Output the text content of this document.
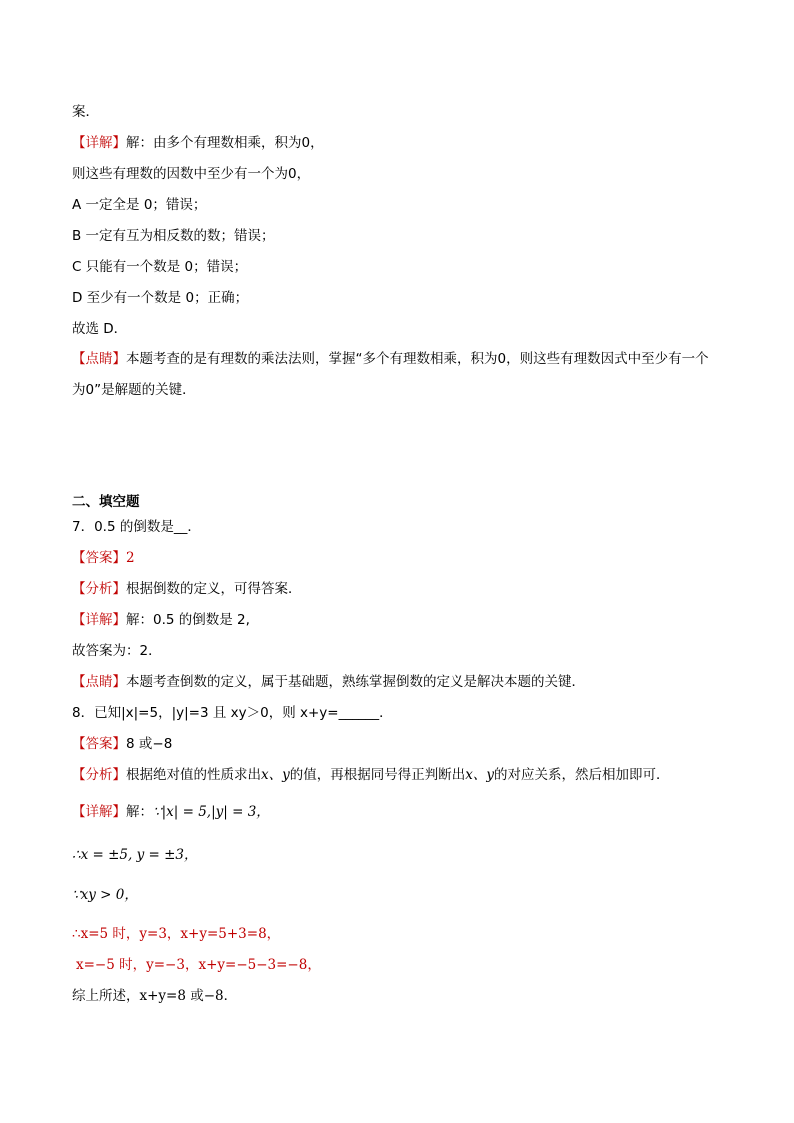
案．
【详解】解：由多个有理数相乘，积为0，
则这些有理数的因数中至少有一个为0，
A 一定全是 0；错误；
B 一定有互为相反数的数；错误；
C 只能有一个数是 0；错误；
D 至少有一个数是 0；正确；
故选 D．
【点睛】本题考查的是有理数的乘法法则，掌握“多个有理数相乘，积为0，则这些有理数因式中至少有一个为0”是解题的关键．
二、填空题
7．0.5 的倒数是__．
【答案】2
【分析】根据倒数的定义，可得答案．
【详解】解：0.5 的倒数是 2,
故答案为：2．
【点睛】本题考查倒数的定义，属于基础题，熟练掌握倒数的定义是解决本题的关键．
8．已知|x|=5，|y|=3 且 xy＞0，则 x+y=______．
【答案】8 或−8
【分析】根据绝对值的性质求出x、y的值，再根据同号得正判断出x、y的对应关系，然后相加即可．
【详解】解：∵|x| = 5,|y| = 3，
∴x = ±5, y = ±3，
∵xy > 0，
∴x=5 时，y=3，x+y=5+3=8，
x=−5 时，y=−3，x+y=−5−3=−8，
综上所述，x+y=8 或−8．
